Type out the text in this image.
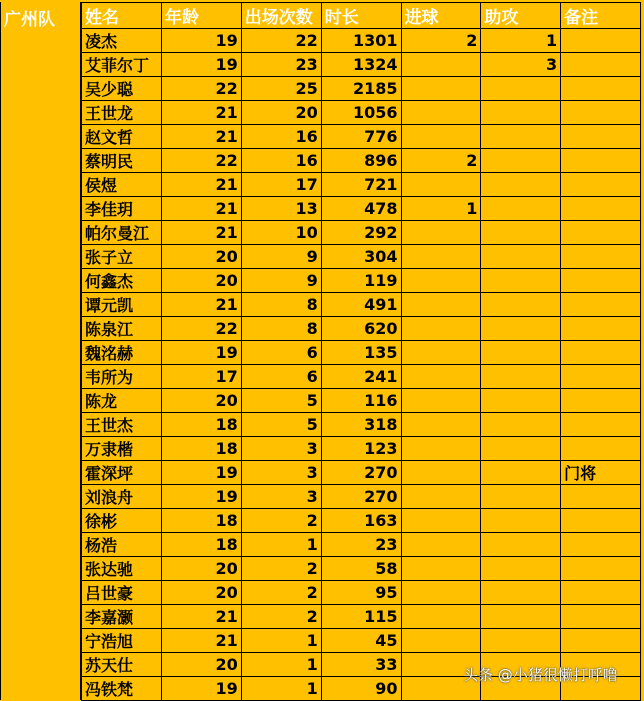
广州队 姓名	年龄	出场次数	时长	进球	助攻	备注
凌杰	19	22	1301	2	1	
艾菲尔丁	19	23	1324		3	
吴少聪	22	25	2185			
王世龙	21	20	1056			
赵文哲	21	16	776			
蔡明民	22	16	896	2		
侯煜	21	17	721			
李佳玥	21	13	478	1		
帕尔曼江	21	10	292			
张子立	20	9	304			
何鑫杰	20	9	119			
谭元凯	21	8	491			
陈泉江	22	8	620			
魏洺赫	19	6	135			
韦所为	17	6	241			
陈龙	20	5	116			
王世杰	18	5	318			
万隶楷	18	3	123			
霍深坪	19	3	270			门将
刘浪舟	19	3	270			
徐彬	18	2	163			
杨浩	18	1	23			
张达驰	20	2	58			
吕世豪	20	2	95			
李嘉灏	21	2	115			
宁浩旭	21	1	45			
苏天仕	20	1	33			
冯铁梵	19	1	90			
头条 @小猪很懒打呼噜
